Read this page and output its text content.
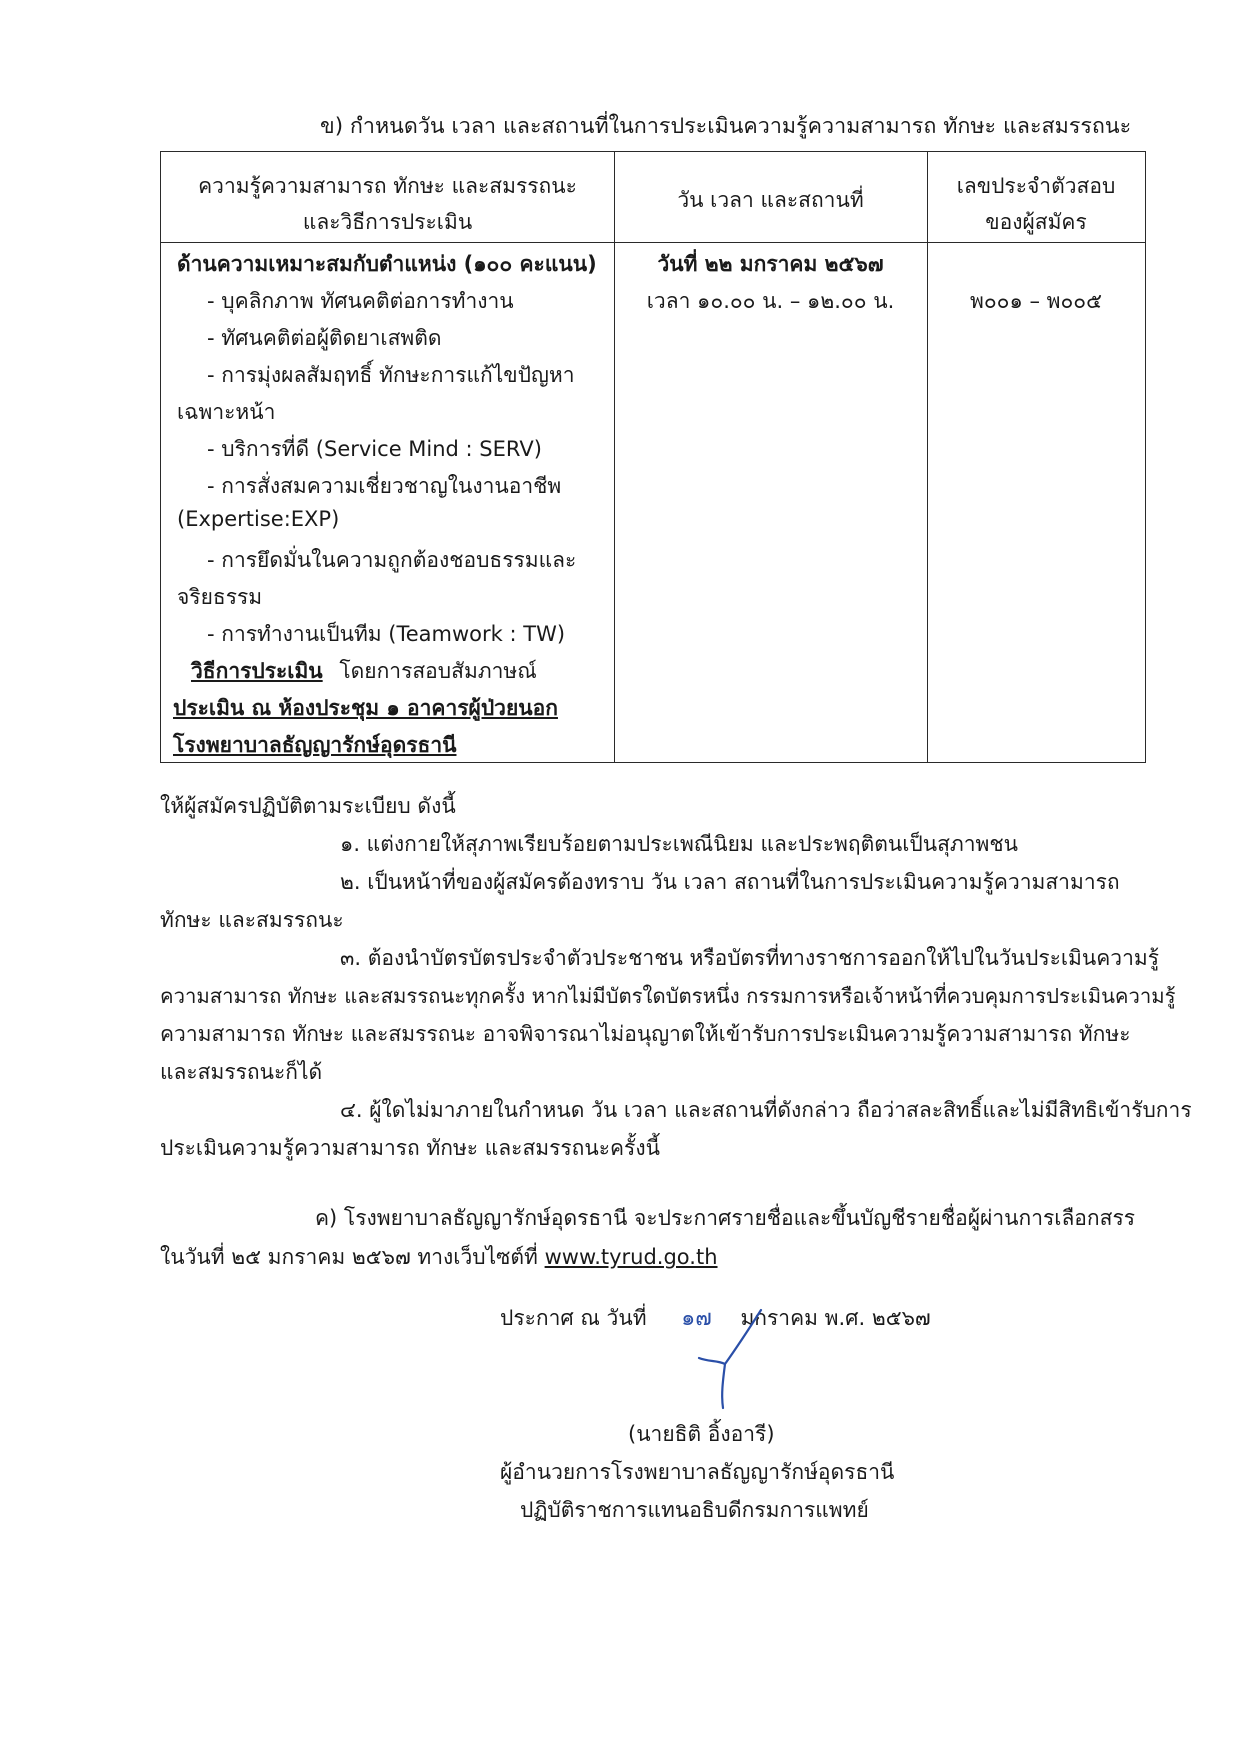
ข) กำหนดวัน เวลา และสถานที่ในการประเมินความรู้ความสามารถ ทักษะ และสมรรถนะ
ความรู้ความสามารถ ทักษะ และสมรรถนะ
และวิธีการประเมิน
วัน เวลา และสถานที่
เลขประจำตัวสอบ
ของผู้สมัคร
ด้านความเหมาะสมกับตำแหน่ง (๑๐๐ คะแนน)
- บุคลิกภาพ ทัศนคติต่อการทำงาน
- ทัศนคติต่อผู้ติดยาเสพติด
- การมุ่งผลสัมฤทธิ์ ทักษะการแก้ไขปัญหา
เฉพาะหน้า
- บริการที่ดี (Service Mind : SERV)
- การสั่งสมความเชี่ยวชาญในงานอาชีพ
(Expertise:EXP)
- การยึดมั่นในความถูกต้องชอบธรรมและ
จริยธรรม
- การทำงานเป็นทีม (Teamwork : TW)
วิธีการประเมิน โดยการสอบสัมภาษณ์
ประเมิน ณ ห้องประชุม ๑ อาคารผู้ป่วยนอก
โรงพยาบาลธัญญารักษ์อุดรธานี
วันที่ ๒๒ มกราคม ๒๕๖๗
เวลา ๑๐.๐๐ น. – ๑๒.๐๐ น.	พ๐๐๑ – พ๐๐๕
ให้ผู้สมัครปฏิบัติตามระเบียบ ดังนี้
๑. แต่งกายให้สุภาพเรียบร้อยตามประเพณีนิยม และประพฤติตนเป็นสุภาพชน
๒. เป็นหน้าที่ของผู้สมัครต้องทราบ วัน เวลา สถานที่ในการประเมินความรู้ความสามารถ
ทักษะ และสมรรถนะ
๓. ต้องนำบัตรบัตรประจำตัวประชาชน หรือบัตรที่ทางราชการออกให้ไปในวันประเมินความรู้
ความสามารถ ทักษะ และสมรรถนะทุกครั้ง หากไม่มีบัตรใดบัตรหนึ่ง กรรมการหรือเจ้าหน้าที่ควบคุมการประเมินความรู้
ความสามารถ ทักษะ และสมรรถนะ อาจพิจารณาไม่อนุญาตให้เข้ารับการประเมินความรู้ความสามารถ ทักษะ
และสมรรถนะก็ได้
๔. ผู้ใดไม่มาภายในกำหนด วัน เวลา และสถานที่ดังกล่าว ถือว่าสละสิทธิ์และไม่มีสิทธิเข้ารับการ
ประเมินความรู้ความสามารถ ทักษะ และสมรรถนะครั้งนี้
ค) โรงพยาบาลธัญญารักษ์อุดรธานี จะประกาศรายชื่อและขึ้นบัญชีรายชื่อผู้ผ่านการเลือกสรร
ในวันที่ ๒๕ มกราคม ๒๕๖๗ ทางเว็บไซต์ที่ www.tyrud.go.th
ประกาศ ณ วันที่ ๑๗ มกราคม พ.ศ. ๒๕๖๗
(นายธิติ อิ้งอารี)
ผู้อำนวยการโรงพยาบาลธัญญารักษ์อุดรธานี
ปฏิบัติราชการแทนอธิบดีกรมการแพทย์
